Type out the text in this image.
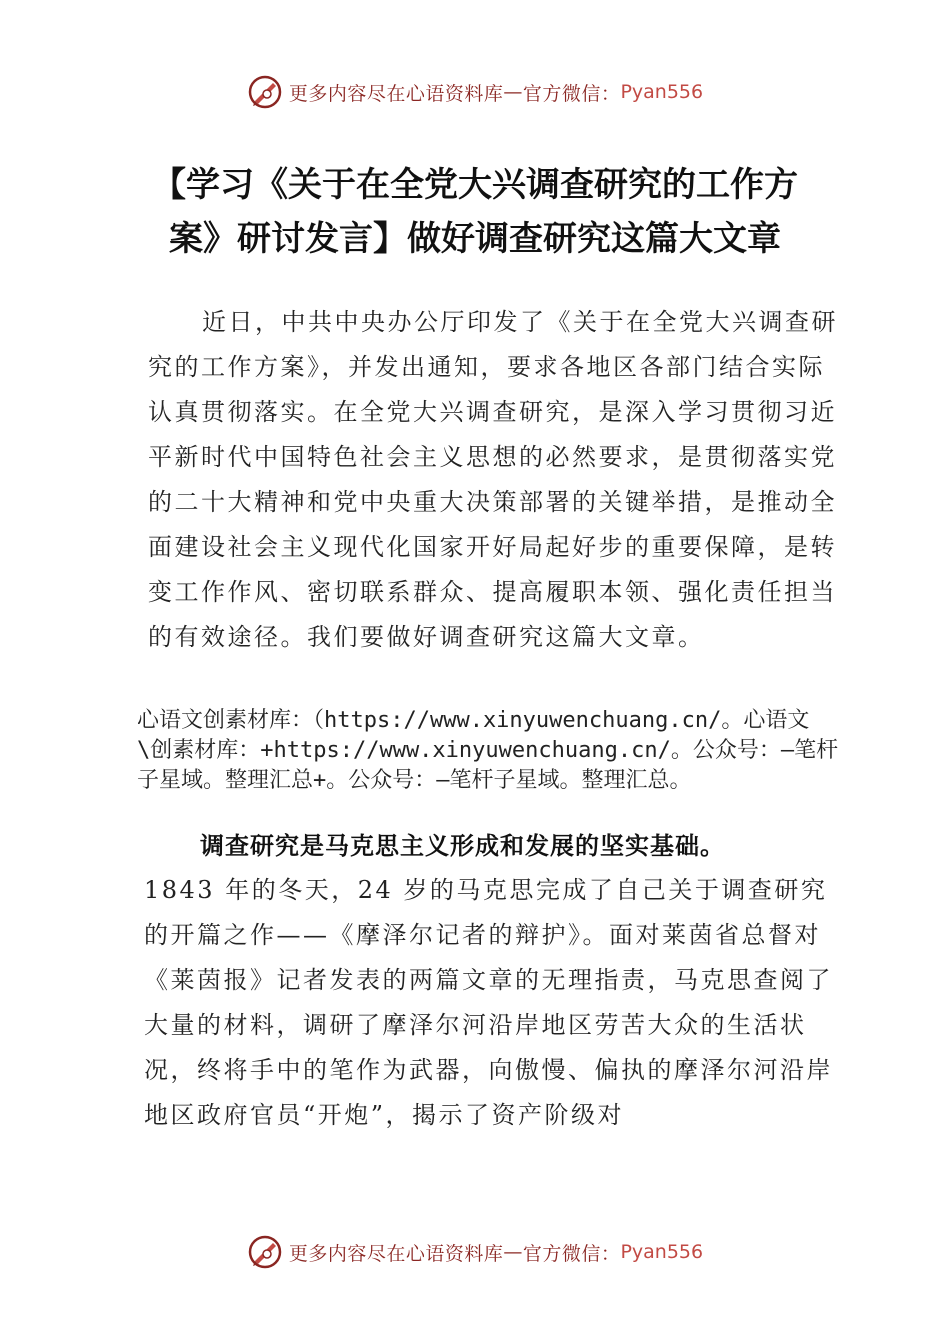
更多内容尽在心语资料库 — 官方微信： Pyan556
【学习《关于在全党大兴调查研究的工作方案》研讨发言】做好调查研究这篇大文章
近日，中共中央办公厅印发了《关于在全党大兴调查研究的工作方案》，并发出通知，要求各地区各部门结合实际认真贯彻落实。在全党大兴调查研究，是深入学习贯彻习近平新时代中国特色社会主义思想的必然要求，是贯彻落实党的二十大精神和党中央重大决策部署的关键举措，是推动全面建设社会主义现代化国家开好局起好步的重要保障，是转变工作作风、密切联系群众、提高履职本领、强化责任担当的有效途径。我们要做好调查研究这篇大文章。
心语文创素材库：（https://www.xinyuwenchuang.cn/。心语文\创素材库：+https://www.xinyuwenchuang.cn/。公众号：—笔杆子星域。整理汇总+。公众号：—笔杆子星域。整理汇总。
调查研究是马克思主义形成和发展的坚实基础。
1843 年的冬天，24 岁的马克思完成了自己关于调查研究的开篇之作——《摩泽尔记者的辩护》。面对莱茵省总督对《莱茵报》记者发表的两篇文章的无理指责，马克思查阅了大量的材料，调研了摩泽尔河沿岸地区劳苦大众的生活状况，终将手中的笔作为武器，向傲慢、偏执的摩泽尔河沿岸地区政府官员“开炮”，揭示了资产阶级对
更多内容尽在心语资料库 — 官方微信： Pyan556
